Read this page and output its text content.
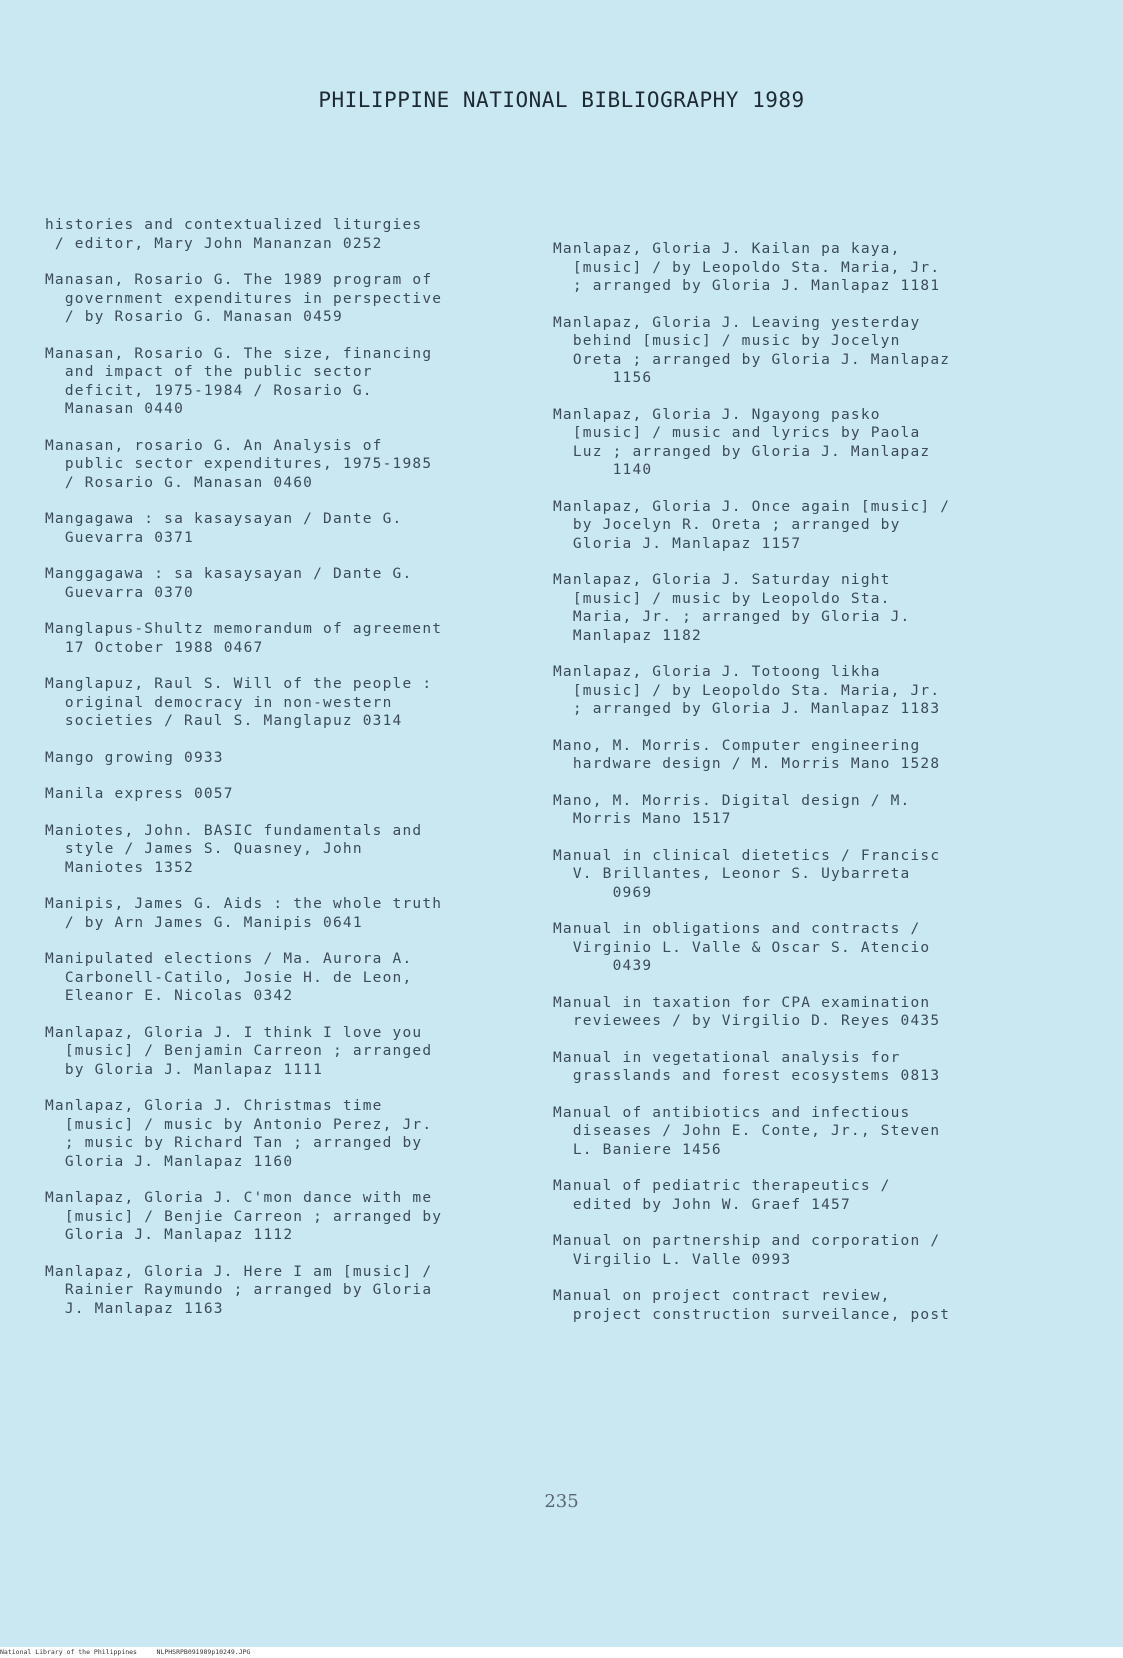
PHILIPPINE NATIONAL BIBLIOGRAPHY 1989
histories and contextualized liturgies
/ editor, Mary John Mananzan 0252
Manasan, Rosario G. The 1989 program of
government expenditures in perspective
/ by Rosario G. Manasan 0459
Manasan, Rosario G. The size, financing
and impact of the public sector
deficit, 1975-1984 / Rosario G.
Manasan 0440
Manasan, rosario G. An Analysis of
public sector expenditures, 1975-1985
/ Rosario G. Manasan 0460
Mangagawa : sa kasaysayan / Dante G.
Guevarra 0371
Manggagawa : sa kasaysayan / Dante G.
Guevarra 0370
Manglapus-Shultz memorandum of agreement
17 October 1988 0467
Manglapuz, Raul S. Will of the people :
original democracy in non-western
societies / Raul S. Manglapuz 0314
Mango growing 0933
Manila express 0057
Maniotes, John. BASIC fundamentals and
style / James S. Quasney, John
Maniotes 1352
Manipis, James G. Aids : the whole truth
/ by Arn James G. Manipis 0641
Manipulated elections / Ma. Aurora A.
Carbonell-Catilo, Josie H. de Leon,
Eleanor E. Nicolas 0342
Manlapaz, Gloria J. I think I love you
[music] / Benjamin Carreon ; arranged
by Gloria J. Manlapaz 1111
Manlapaz, Gloria J. Christmas time
[music] / music by Antonio Perez, Jr.
; music by Richard Tan ; arranged by
Gloria J. Manlapaz 1160
Manlapaz, Gloria J. C'mon dance with me
[music] / Benjie Carreon ; arranged by
Gloria J. Manlapaz 1112
Manlapaz, Gloria J. Here I am [music] /
Rainier Raymundo ; arranged by Gloria
J. Manlapaz 1163
Manlapaz, Gloria J. Kailan pa kaya,
[music] / by Leopoldo Sta. Maria, Jr.
; arranged by Gloria J. Manlapaz 1181
Manlapaz, Gloria J. Leaving yesterday
behind [music] / music by Jocelyn
Oreta ; arranged by Gloria J. Manlapaz
1156
Manlapaz, Gloria J. Ngayong pasko
[music] / music and lyrics by Paola
Luz ; arranged by Gloria J. Manlapaz
1140
Manlapaz, Gloria J. Once again [music] /
by Jocelyn R. Oreta ; arranged by
Gloria J. Manlapaz 1157
Manlapaz, Gloria J. Saturday night
[music] / music by Leopoldo Sta.
Maria, Jr. ; arranged by Gloria J.
Manlapaz 1182
Manlapaz, Gloria J. Totoong likha
[music] / by Leopoldo Sta. Maria, Jr.
; arranged by Gloria J. Manlapaz 1183
Mano, M. Morris. Computer engineering
hardware design / M. Morris Mano 1528
Mano, M. Morris. Digital design / M.
Morris Mano 1517
Manual in clinical dietetics / Francisc
V. Brillantes, Leonor S. Uybarreta
0969
Manual in obligations and contracts /
Virginio L. Valle & Oscar S. Atencio
0439
Manual in taxation for CPA examination
reviewees / by Virgilio D. Reyes 0435
Manual in vegetational analysis for
grasslands and forest ecosystems 0813
Manual of antibiotics and infectious
diseases / John E. Conte, Jr., Steven
L. Baniere 1456
Manual of pediatric therapeutics /
edited by John W. Graef 1457
Manual on partnership and corporation /
Virgilio L. Valle 0993
Manual on project contract review,
project construction surveilance, post
235
National Library of the Philippines     NLPHSRPB091989p10249.JPG
